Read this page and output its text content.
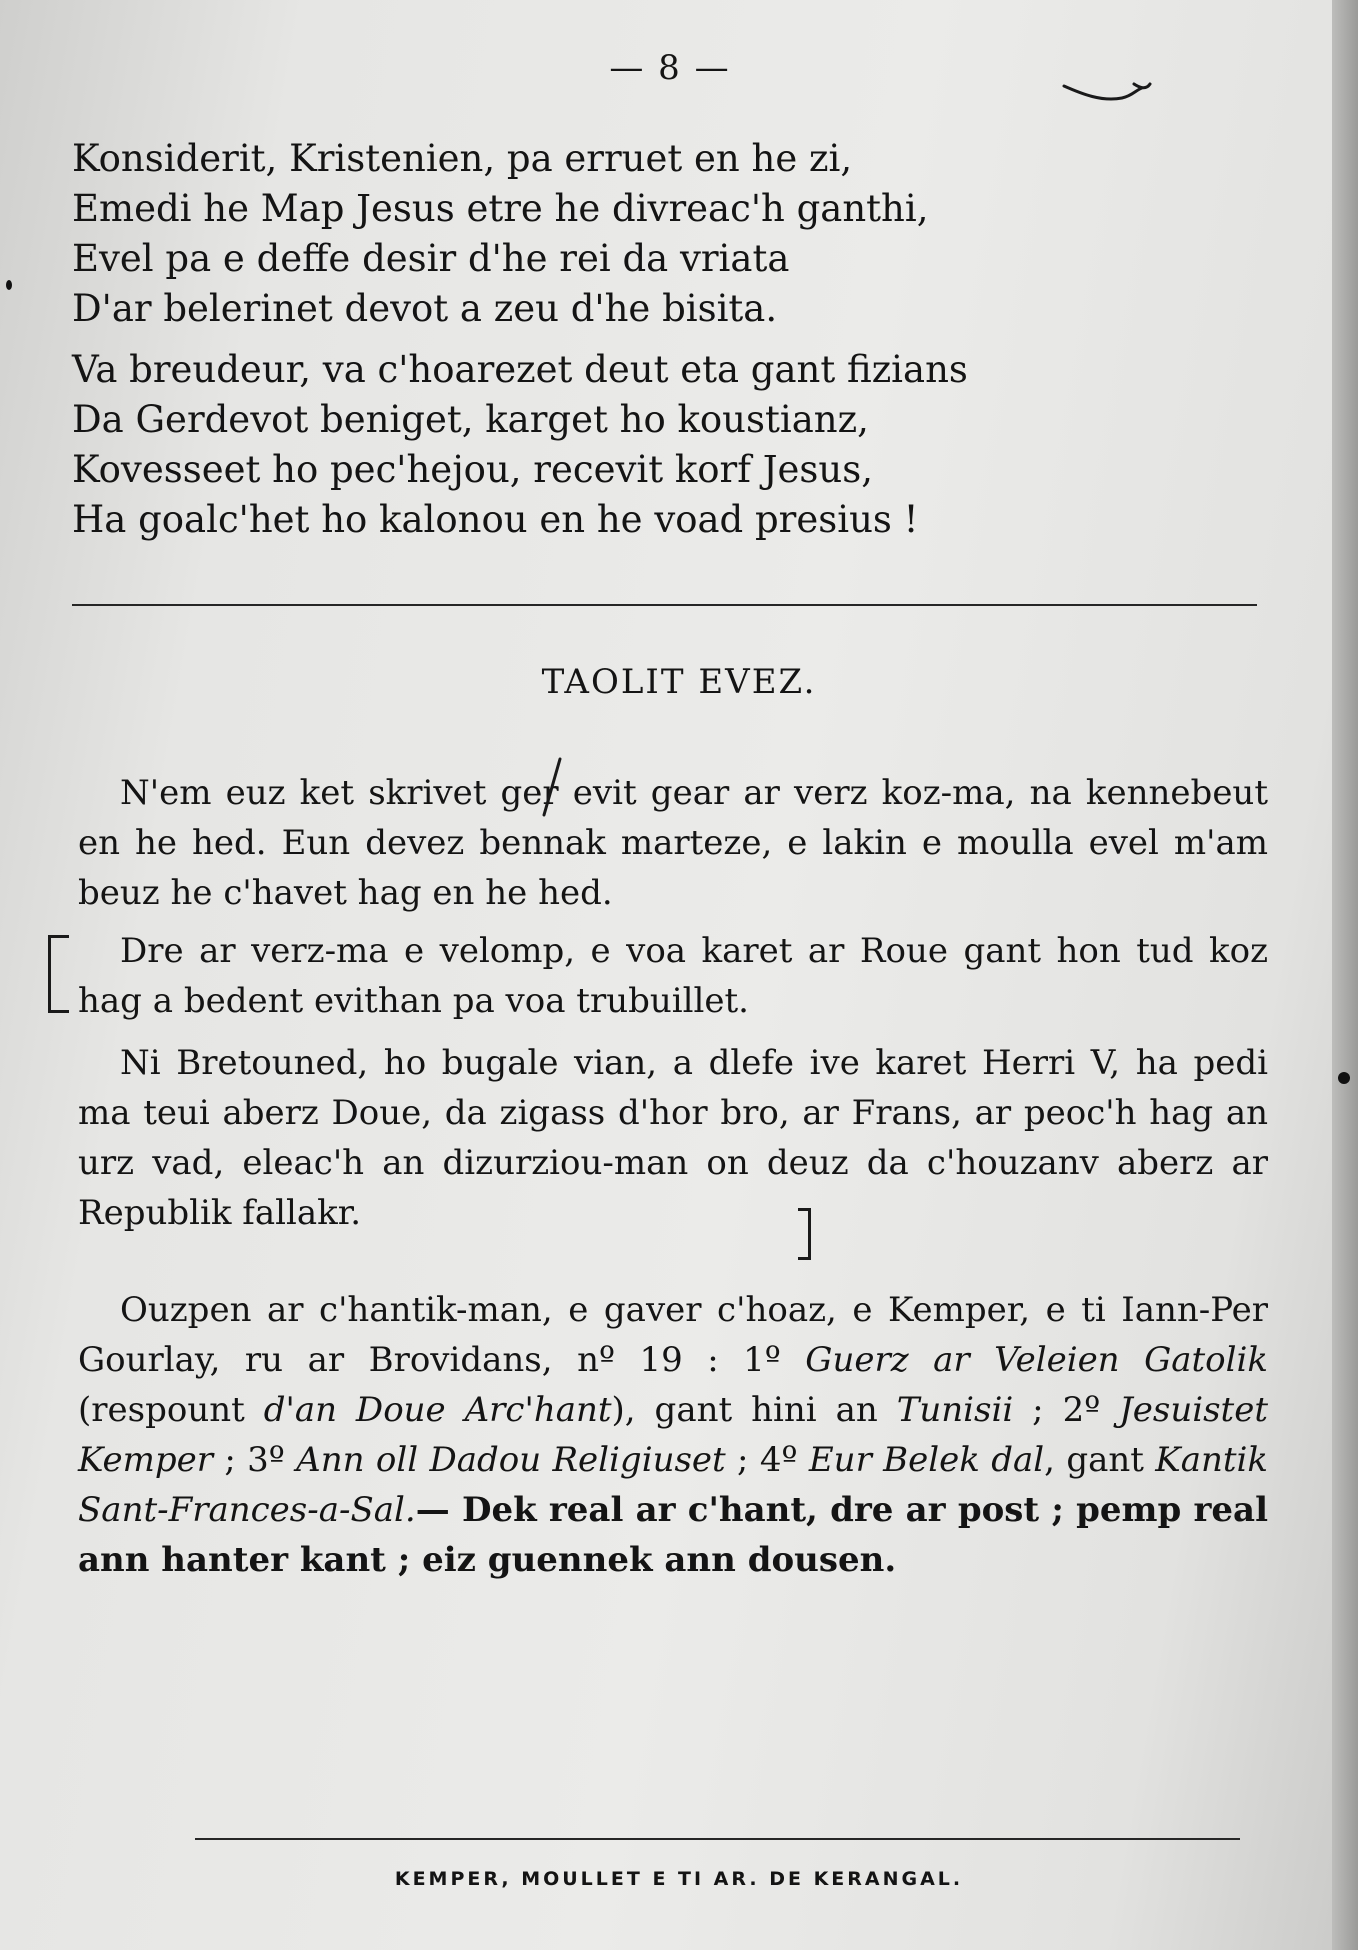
— 8 —
Konsiderit, Kristenien, pa erruet en he zi,
Emedi he Map Jesus etre he divreac'h ganthi,
Evel pa e deffe desir d'he rei da vriata
D'ar belerinet devot a zeu d'he bisita.
Va breudeur, va c'hoarezet deut eta gant fizians
Da Gerdevot beniget, karget ho koustianz,
Kovesseet ho pec'hejou, recevit korf Jesus,
Ha goalc'het ho kalonou en he voad presius !
TAOLIT EVEZ.

N'em euz ket skrivet ger evit gear ar verz koz-ma, na kennebeut en he hed. Eun devez bennak marteze, e lakin e moulla evel m'am beuz he c'havet hag en he hed.

Dre ar verz-ma e velomp, e voa karet ar Roue gant hon tud koz hag a bedent evithan pa voa trubuillet.

Ni Bretouned, ho bugale vian, a dlefe ive karet Herri V, ha pedi ma teui aberz Doue, da zigass d'hor bro, ar Frans, ar peoc'h hag an urz vad, eleac'h an dizurziou-man on deuz da c'houzanv aberz ar Republik fallakr.

Ouzpen ar c'hantik-man, e gaver c'hoaz, e Kemper, e ti Iann-Per Gourlay, ru ar Brovidans, nº 19 : 1º Guerz ar Veleien Gatolik (respount d'an Doue Arc'hant), gant hini an Tunisii ; 2º Jesuistet Kemper ; 3º Ann oll Dadou Religiuset ; 4º Eur Belek dal, gant Kantik Sant-Frances-a-Sal.— Dek real ar c'hant, dre ar post ; pemp real ann hanter kant ; eiz guennek ann dousen.

KEMPER, MOULLET E TI AR. DE KERANGAL.
